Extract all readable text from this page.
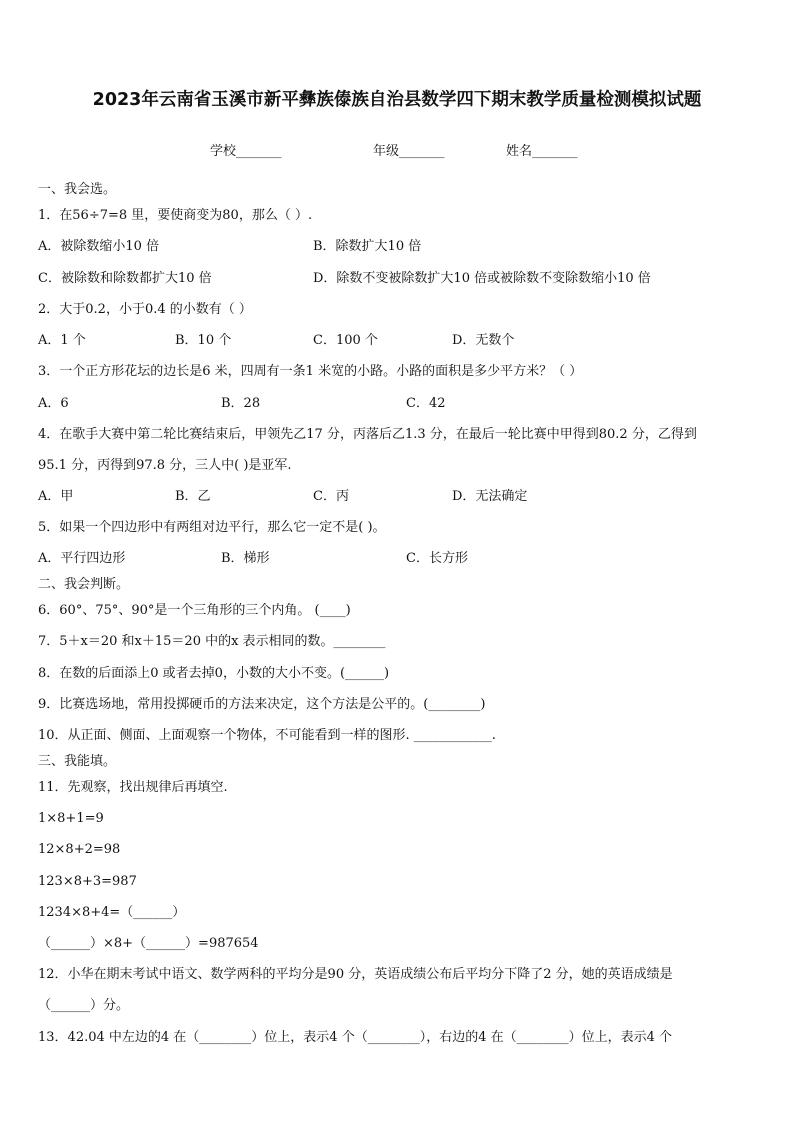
2023年云南省玉溪市新平彝族傣族自治县数学四下期末教学质量检测模拟试题
学校_______	年级_______	姓名_______
一、我会选。
1．在56÷7=8 里，要使商变为80，那么（ ）.
A．被除数缩小10 倍	B．除数扩大10 倍
C．被除数和除数都扩大10 倍	D．除数不变被除数扩大10 倍或被除数不变除数缩小10 倍
2．大于0.2，小于0.4 的小数有（ ）
A．1 个	B．10 个	C．100 个	D．无数个
3．一个正方形花坛的边长是6 米，四周有一条1 米宽的小路。小路的面积是多少平方米？（ ）
A．6	B．28	C．42
4．在歌手大赛中第二轮比赛结束后，甲领先乙17 分，丙落后乙1.3 分，在最后一轮比赛中甲得到80.2 分，乙得到
95.1 分，丙得到97.8 分，三人中( )是亚军.
A．甲	B．乙	C．丙	D．无法确定
5．如果一个四边形中有两组对边平行，那么它一定不是( )。
A．平行四边形	B．梯形	C．长方形
二、我会判断。
6．60°、75°、90°是一个三角形的三个内角。 (____)
7．5＋x＝20 和x＋15＝20 中的x 表示相同的数。________
8．在数的后面添上0 或者去掉0，小数的大小不变。(______)
9．比赛选场地，常用投掷硬币的方法来决定，这个方法是公平的。(________)
10．从正面、侧面、上面观察一个物体，不可能看到一样的图形. ____________.
三、我能填。
11．先观察，找出规律后再填空.
1×8+1=9
12×8+2=98
123×8+3=987
1234×8+4=（______）
（______）×8+（______）=987654
12．小华在期末考试中语文、数学两科的平均分是90 分，英语成绩公布后平均分下降了2 分，她的英语成绩是
（______）分。
13．42.04 中左边的4 在（________）位上，表示4 个（________），右边的4 在（________）位上，表示4 个
